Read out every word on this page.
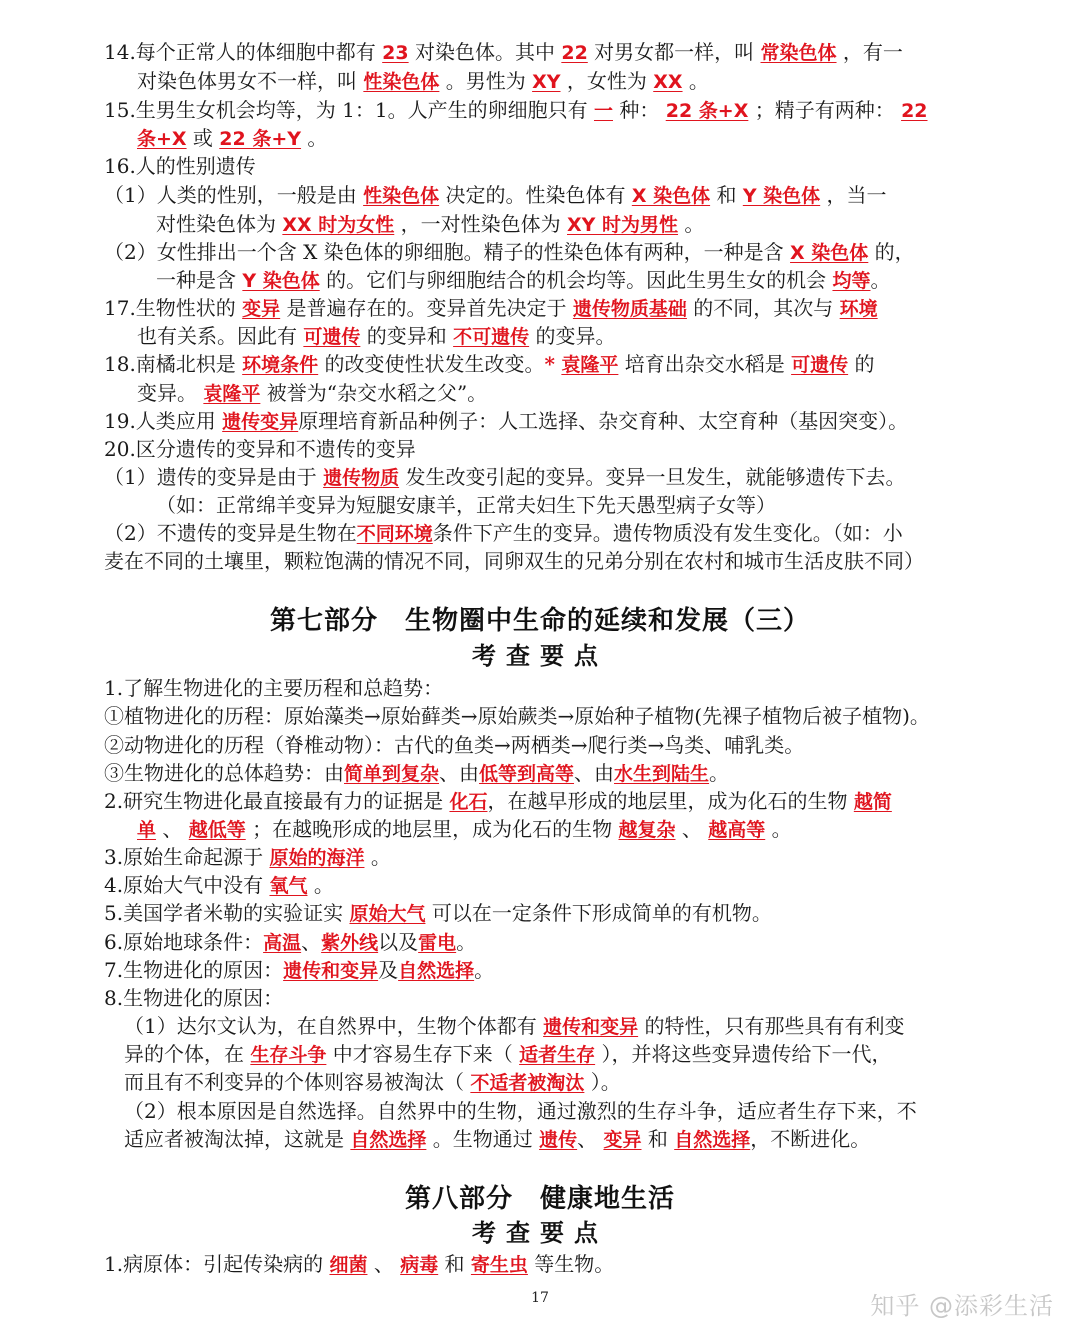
14.每个正常人的体细胞中都有 23 对染色体。其中 22 对男女都一样，叫 常染色体 ，有一
对染色体男女不一样，叫 性染色体 。男性为 XY ，女性为 XX 。
15.生男生女机会均等，为 1：1。人产生的卵细胞只有 一 种： 22 条+X ；精子有两种： 22
条+X 或 22 条+Y 。
16.人的性别遗传
（1）人类的性别，一般是由 性染色体 决定的。性染色体有 X 染色体 和 Y 染色体 ，当一
对性染色体为 XX 时为女性 ，一对性染色体为 XY 时为男性 。
（2）女性排出一个含 X 染色体的卵细胞。精子的性染色体有两种，一种是含 X 染色体 的，
一种是含 Y 染色体 的。它们与卵细胞结合的机会均等。因此生男生女的机会 均等。
17.生物性状的 变异 是普遍存在的。变异首先决定于 遗传物质基础 的不同，其次与 环境
也有关系。因此有 可遗传 的变异和 不可遗传 的变异。
18.南橘北枳是 环境条件 的改变使性状发生改变。* 袁隆平 培育出杂交水稻是 可遗传 的
变异。 袁隆平 被誉为“杂交水稻之父”。
19.人类应用 遗传变异原理培育新品种例子：人工选择、杂交育种、太空育种（基因突变）。
20.区分遗传的变异和不遗传的变异
（1）遗传的变异是由于 遗传物质 发生改变引起的变异。变异一旦发生，就能够遗传下去。
（如：正常绵羊变异为短腿安康羊，正常夫妇生下先天愚型病子女等）
（2）不遗传的变异是生物在不同环境条件下产生的变异。遗传物质没有发生变化。（如：小
麦在不同的土壤里，颗粒饱满的情况不同，同卵双生的兄弟分别在农村和城市生活皮肤不同）
第七部分　生物圈中生命的延续和发展（三）
考查要点
1.了解生物进化的主要历程和总趋势：
①植物进化的历程：原始藻类→原始藓类→原始蕨类→原始种子植物(先裸子植物后被子植物)。
②动物进化的历程（脊椎动物）：古代的鱼类→两栖类→爬行类→鸟类、哺乳类。
③生物进化的总体趋势：由简单到复杂、由低等到高等、由水生到陆生。
2.研究生物进化最直接最有力的证据是 化石，在越早形成的地层里，成为化石的生物 越简
单 、 越低等 ；在越晚形成的地层里，成为化石的生物 越复杂 、 越高等 。
3.原始生命起源于 原始的海洋 。
4.原始大气中没有 氧气 。
5.美国学者米勒的实验证实 原始大气 可以在一定条件下形成简单的有机物。
6.原始地球条件：高温、紫外线以及雷电。
7.生物进化的原因：遗传和变异及自然选择。
8.生物进化的原因：
（1）达尔文认为，在自然界中，生物个体都有 遗传和变异 的特性，只有那些具有有利变
异的个体，在 生存斗争 中才容易生存下来（ 适者生存 ），并将这些变异遗传给下一代，
而且有不利变异的个体则容易被淘汰（ 不适者被淘汰 ）。
（2）根本原因是自然选择。自然界中的生物，通过激烈的生存斗争，适应者生存下来，不
适应者被淘汰掉，这就是 自然选择 。生物通过 遗传、 变异 和 自然选择，不断进化。
第八部分　健康地生活
考查要点
1.病原体：引起传染病的 细菌 、 病毒 和 寄生虫 等生物。
17	知乎 @添彩生活
